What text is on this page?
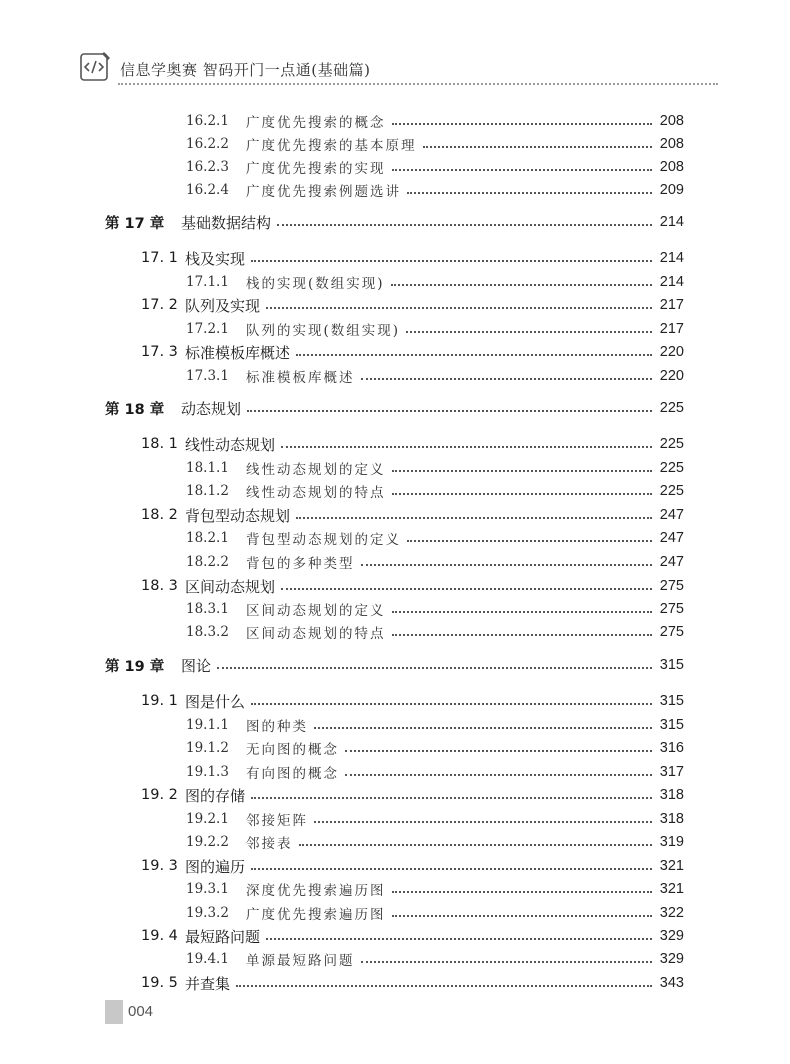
信息学奥赛 智码开门一点通(基础篇)
16.2.1	广度优先搜索的概念	208
16.2.2	广度优先搜索的基本原理	208
16.2.3	广度优先搜索的实现	208
16.2.4	广度优先搜索例题选讲	209
第 17 章	基础数据结构	214
17. 1 栈及实现	214
17.1.1	栈的实现(数组实现)	214
17. 2 队列及实现	217
17.2.1	队列的实现(数组实现)	217
17. 3 标准模板库概述	220
17.3.1	标准模板库概述	220
第 18 章	动态规划	225
18. 1 线性动态规划	225
18.1.1	线性动态规划的定义	225
18.1.2	线性动态规划的特点	225
18. 2 背包型动态规划	247
18.2.1	背包型动态规划的定义	247
18.2.2	背包的多种类型	247
18. 3 区间动态规划	275
18.3.1	区间动态规划的定义	275
18.3.2	区间动态规划的特点	275
第 19 章	图论	315
19. 1 图是什么	315
19.1.1	图的种类	315
19.1.2	无向图的概念	316
19.1.3	有向图的概念	317
19. 2 图的存储	318
19.2.1	邻接矩阵	318
19.2.2	邻接表	319
19. 3 图的遍历	321
19.3.1	深度优先搜索遍历图	321
19.3.2	广度优先搜索遍历图	322
19. 4 最短路问题	329
19.4.1	单源最短路问题	329
19. 5 并查集	343
004
